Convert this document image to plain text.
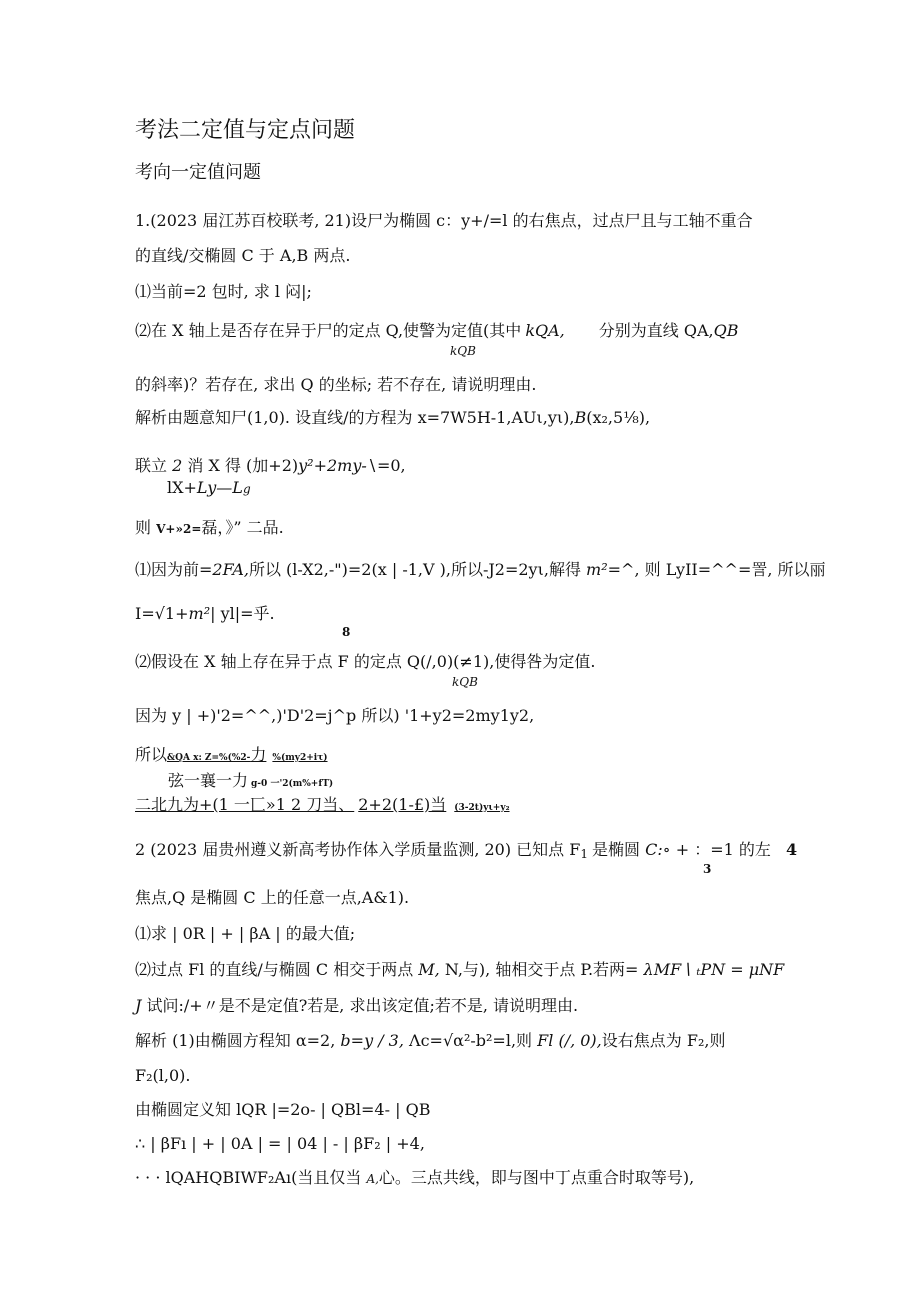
考法二定值与定点问题
考向一定值问题
1.(2023 届江苏百校联考, 21)设尸为椭圆 c：y+/=l 的右焦点，过点尸且与工轴不重合
的直线/交椭圆 C 于 A,B 两点.
⑴当前=2 包时, 求 l 闷|;
⑵在 X 轴上是否存在异于尸的定点 Q,使警为定值(其中 kQA, 分别为直线 QA,QB
kQB
的斜率)？若存在, 求出 Q 的坐标; 若不存在, 请说明理由.
解析由题意知尸(1,0). 设直线/的方程为 x=7W5H-1,AUι,yι),B(x₂,5⅛),
联立 2 消 X 得 (加+2)y²+2my-∖=0,
lX+Ly—Lg
则 V+»2=磊，》” 二品.
⑴因为前=2FA,所以 (l-X2,-")=2(x | -1,V ),所以-J2=2yι,解得 m²=^, 则 LyII=^^=詈, 所以丽
I=√1+m²| yl|=乎.
8
⑵假设在 X 轴上存在异于点 F 的定点 Q(/,0)(≠1),使得咎为定值.
kQB
因为 y | +)'2=^^,)'D'2=j^p 所以) '1+y2=2my1y2,
所以&QA x: Z=%(%2-力 %(my2+iτ)
弦一襄一力 g-0 一'2(m%+fT)
二北九为+(1 一匸»1 2 刀当、 2+2(1-£)当 (3-2t)yι+y₂
2 (2023 届贵州遵义新高考协作体入学质量监测, 20) 已知点 F1 是椭圆 C:∘ + ：=1 的左 4
3
焦点,Q 是椭圆 C 上的任意一点,A&1).
⑴求 | 0R | + | βA | 的最大值;
⑵过点 Fl 的直线/与椭圆 C 相交于两点 M, N,与), 轴相交于点 P.若两= λMF∖ ₜPN = μNF
J 试问:/+〃是不是定值?若是, 求出该定值;若不是, 请说明理由.
解析 (1)由椭圆方程知 α=2, b=y / 3, Λc=√α²-b²=l,则 Fl (/, 0),设右焦点为 F₂,则
F₂(l,0).
由椭圆定义知 lQR |=2o- | QBl=4- | QB
∴ | βFı | + | 0A | = | 04 | - | βF₂ | +4,
· · · lQAHQBIWF₂Aı(当且仅当 A,心。三点共线，即与图中丁点重合时取等号),
